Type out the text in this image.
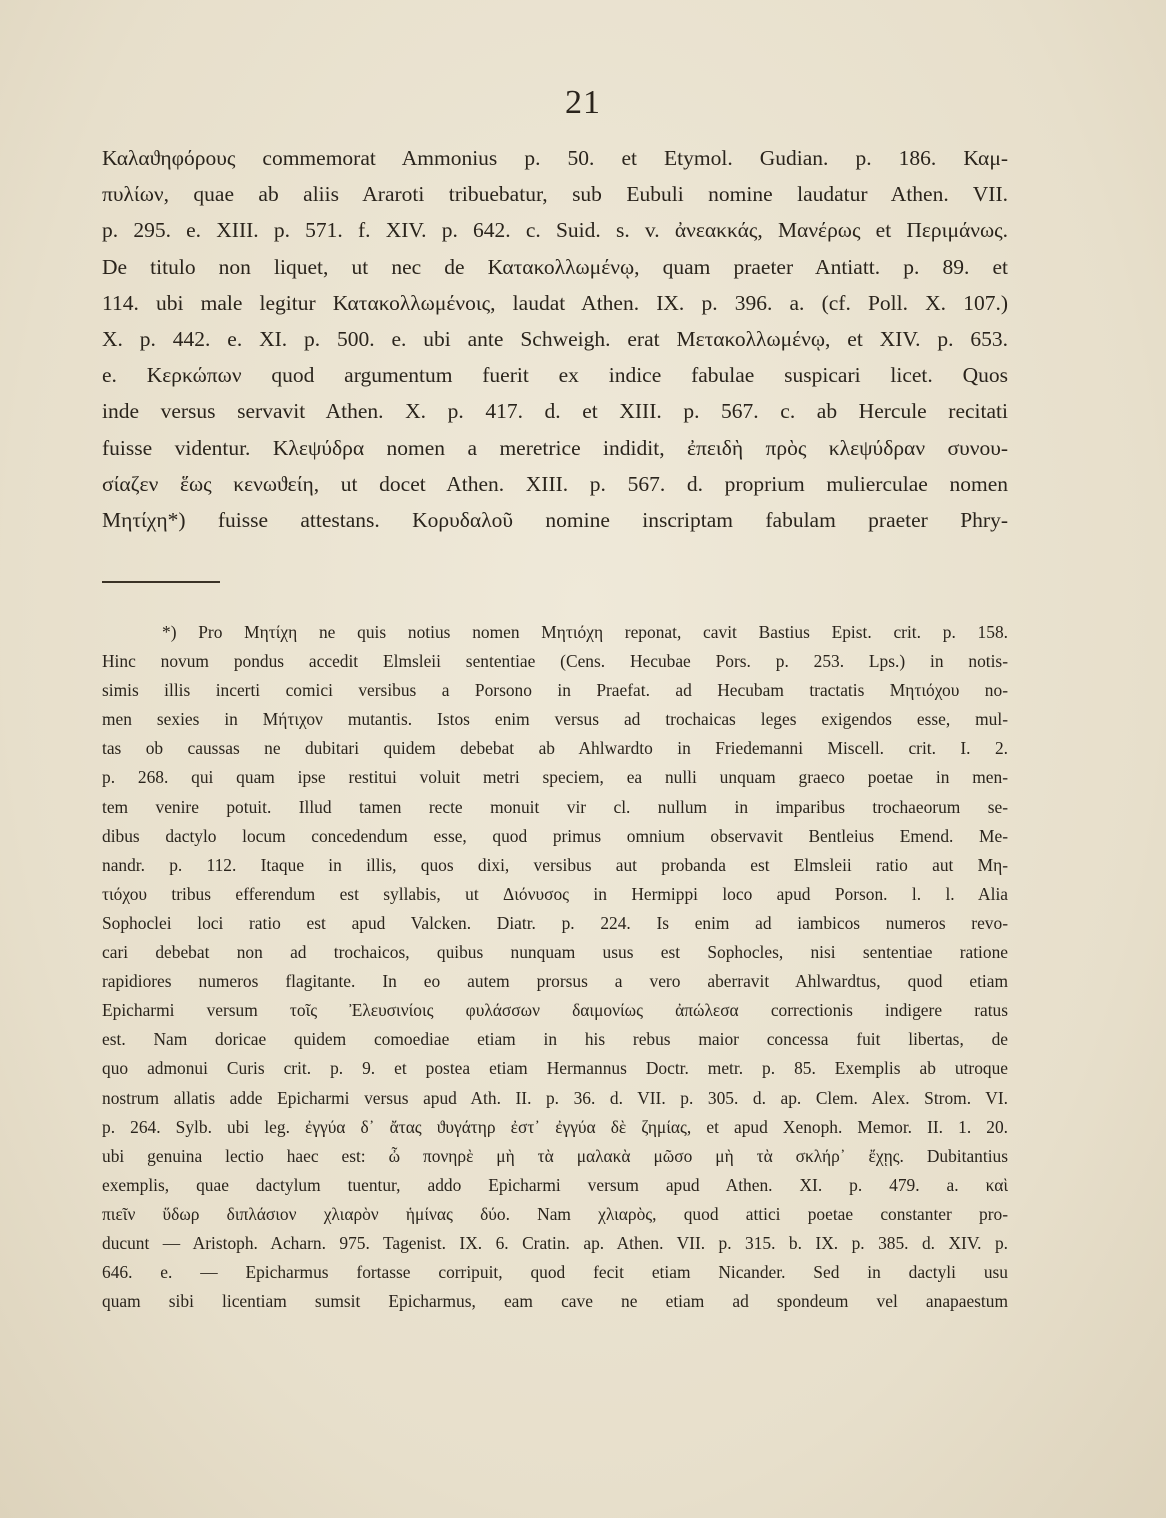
21
Καλαϑηφόρους commemorat Ammonius p. 50. et Etymol. Gudian. p. 186. Καμ-
πυλίων, quae ab aliis Araroti tribuebatur, sub Eubuli nomine laudatur Athen. VII.
p. 295. e. XIII. p. 571. f. XIV. p. 642. c. Suid. s. v. ἀνεακκάς, Μανέρως et Περιμάνως.
De titulo non liquet, ut nec de Κατακολλωμένῳ, quam praeter Antiatt. p. 89. et
114. ubi male legitur Κατακολλωμένοις, laudat Athen. IX. p. 396. a. (cf. Poll. X. 107.)
X. p. 442. e. XI. p. 500. e. ubi ante Schweigh. erat Μετακολλωμένῳ, et XIV. p. 653.
e. Κερκώπων quod argumentum fuerit ex indice fabulae suspicari licet. Quos
inde versus servavit Athen. X. p. 417. d. et XIII. p. 567. c. ab Hercule recitati
fuisse videntur. Κλεψύδρα nomen a meretrice indidit, ἐπειδὴ πρὸς κλεψύδραν συνου-
σίαζεν ἕως κενωϑείη, ut docet Athen. XIII. p. 567. d. proprium mulierculae nomen
Μητίχη*) fuisse attestans. Κορυδαλοῦ nomine inscriptam fabulam praeter Phry-
*) Pro Μητίχη ne quis notius nomen Μητιόχη reponat, cavit Bastius Epist. crit. p. 158.
Hinc novum pondus accedit Elmsleii sententiae (Cens. Hecubae Pors. p. 253. Lps.) in notis-
simis illis incerti comici versibus a Porsono in Praefat. ad Hecubam tractatis Μητιόχου no-
men sexies in Μήτιχον mutantis. Istos enim versus ad trochaicas leges exigendos esse, mul-
tas ob caussas ne dubitari quidem debebat ab Ahlwardto in Friedemanni Miscell. crit. I. 2.
p. 268. qui quam ipse restitui voluit metri speciem, ea nulli unquam graeco poetae in men-
tem venire potuit. Illud tamen recte monuit vir cl. nullum in imparibus trochaeorum se-
dibus dactylo locum concedendum esse, quod primus omnium observavit Bentleius Emend. Me-
nandr. p. 112. Itaque in illis, quos dixi, versibus aut probanda est Elmsleii ratio aut Μη-
τιόχου tribus efferendum est syllabis, ut Διόνυσος in Hermippi loco apud Porson. l. l. Alia
Sophoclei loci ratio est apud Valcken. Diatr. p. 224. Is enim ad iambicos numeros revo-
cari debebat non ad trochaicos, quibus nunquam usus est Sophocles, nisi sententiae ratione
rapidiores numeros flagitante. In eo autem prorsus a vero aberravit Ahlwardtus, quod etiam
Epicharmi versum τοῖς Ἐλευσινίοις φυλάσσων δαιμονίως ἀπώλεσα correctionis indigere ratus
est. Nam doricae quidem comoediae etiam in his rebus maior concessa fuit libertas, de
quo admonui Curis crit. p. 9. et postea etiam Hermannus Doctr. metr. p. 85. Exemplis ab utroque
nostrum allatis adde Epicharmi versus apud Ath. II. p. 36. d. VII. p. 305. d. ap. Clem. Alex. Strom. VI.
p. 264. Sylb. ubi leg. ἐγγύα δ᾽ ἄτας ϑυγάτηρ ἐστ᾽ ἐγγύα δὲ ζημίας, et apud Xenoph. Memor. II. 1. 20.
ubi genuina lectio haec est: ὦ πονηρὲ μὴ τὰ μαλακὰ μῶσο μὴ τὰ σκλήρ᾽ ἔχῃς. Dubitantius
exemplis, quae dactylum tuentur, addo Epicharmi versum apud Athen. XI. p. 479. a. καὶ
πιεῖν ὕδωρ διπλάσιον χλιαρὸν ἡμίνας δύο. Nam χλιαρὸς, quod attici poetae constanter pro-
ducunt — Aristoph. Acharn. 975. Tagenist. IX. 6. Cratin. ap. Athen. VII. p. 315. b. IX. p. 385. d. XIV. p.
646. e. — Epicharmus fortasse corripuit, quod fecit etiam Nicander. Sed in dactyli usu
quam sibi licentiam sumsit Epicharmus, eam cave ne etiam ad spondeum vel anapaestum
